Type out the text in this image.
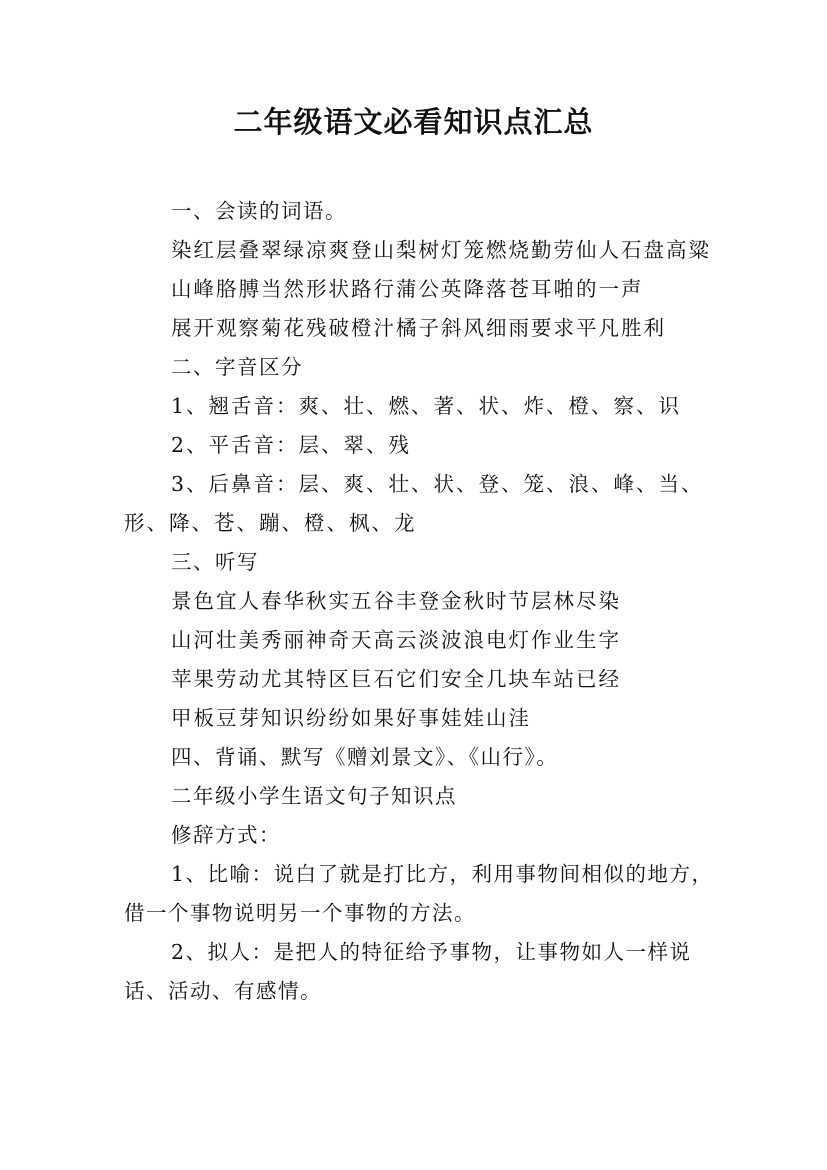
二年级语文必看知识点汇总

一、会读的词语。

染红层叠翠绿凉爽登山梨树灯笼燃烧勤劳仙人石盘高粱

山峰胳膊当然形状路行蒲公英降落苍耳啪的一声

展开观察菊花残破橙汁橘子斜风细雨要求平凡胜利

二、字音区分

1、翘舌音：爽、壮、燃、著、状、炸、橙、察、识

2、平舌音：层、翠、残

3、后鼻音：层、爽、壮、状、登、笼、浪、峰、当、形、降、苍、蹦、橙、枫、龙

三、听写

景色宜人春华秋实五谷丰登金秋时节层林尽染

山河壮美秀丽神奇天高云淡波浪电灯作业生字

苹果劳动尤其特区巨石它们安全几块车站已经

甲板豆芽知识纷纷如果好事娃娃山洼

四、背诵、默写《赠刘景文》、《山行》。

二年级小学生语文句子知识点

修辞方式：

1、比喻：说白了就是打比方，利用事物间相似的地方，借一个事物说明另一个事物的方法。

2、拟人：是把人的特征给予事物，让事物如人一样说话、活动、有感情。
